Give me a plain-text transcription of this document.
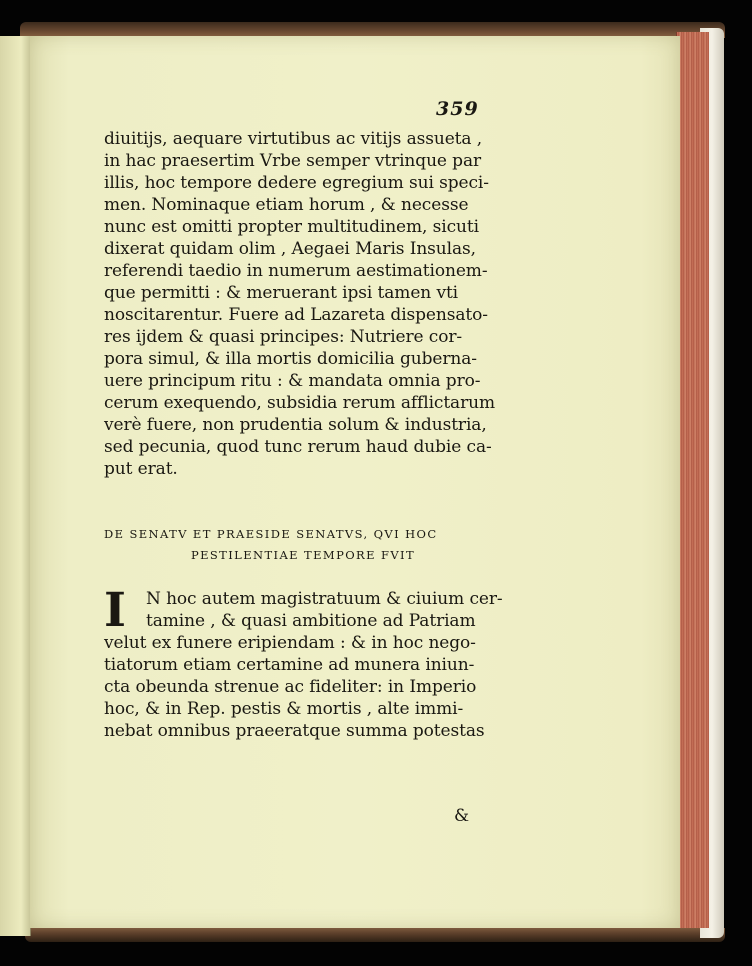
359
diuitijs, aequare virtutibus ac vitijs assueta ,
in hac praesertim Vrbe semper vtrinque par
illis, hoc tempore dedere egregium sui speci-
men. Nominaque etiam horum , & necesse
nunc est omitti propter multitudinem, sicuti
dixerat quidam olim , Aegaei Maris Insulas,
referendi taedio in numerum aestimationem-
que permitti : & meruerant ipsi tamen vti
noscitarentur. Fuere ad Lazareta dispensato-
res ijdem & quasi principes: Nutriere cor-
pora simul, & illa mortis domicilia guberna-
uere principum ritu : & mandata omnia pro-
cerum exequendo, subsidia rerum afflictarum
verè fuere, non prudentia solum & industria,
sed pecunia, quod tunc rerum haud dubie ca-
put erat.
DE SENATV ET PRAESIDE SENATVS, QVI HOC
PESTILENTIAE TEMPORE FVIT
I	N hoc autem magistratuum & ciuium cer-
tamine , & quasi ambitione ad Patriam
velut ex funere eripiendam : & in hoc nego-
tiatorum etiam certamine ad munera iniun-
cta obeunda strenue ac fideliter: in Imperio
hoc, & in Rep. pestis & mortis , alte immi-
nebat omnibus praeeratque summa potestas
&
